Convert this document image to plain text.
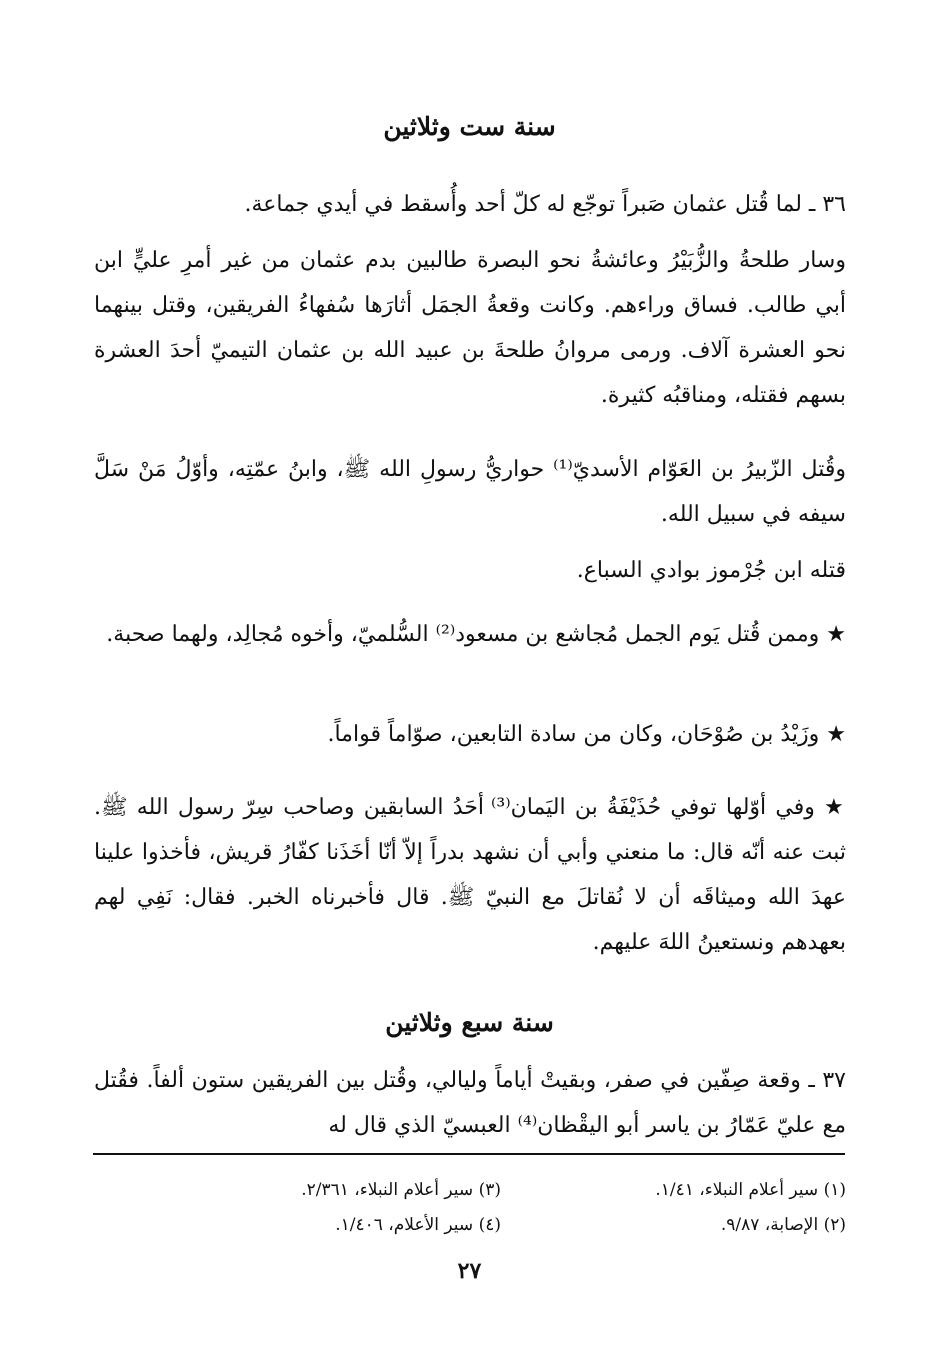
سنة ست وثلاثين

٣٦ ـ لما قُتل عثمان صَبراً توجّع له كلّ أحد وأُسقط في أيدي جماعة.

وسار طلحةُ والزُّبَيْرُ وعائشةُ نحو البصرة طالبين بدم عثمان من غير أمرِ عليٍّ ابن أبي طالب. فساق وراءهم. وكانت وقعةُ الجمَل أثارَها سُفهاءُ الفريقين، وقتل بينهما نحو العشرة آلاف. ورمى مروانُ طلحةَ بن عبيد الله بن عثمان التيميّ أحدَ العشرة بسهم فقتله، ومناقبُه كثيرة.

وقُتل الزّبيرُ بن العَوّام الأسديّ⁽¹⁾ حواريُّ رسولِ الله ﷺ، وابنُ عمّتِه، وأوّلُ مَنْ سَلَّ سيفه في سبيل الله.

قتله ابن جُرْموز بوادي السباع.

★ وممن قُتل يَوم الجمل مُجاشع بن مسعود⁽²⁾ السُّلميّ، وأخوه مُجالِد، ولهما صحبة.

★ وزَيْدُ بن صُوْحَان، وكان من سادة التابعين، صوّاماً قواماً.

★ وفي أوّلها توفي حُذَيْفَةُ بن اليَمان⁽³⁾ أحَدُ السابقين وصاحب سِرّ رسول الله ﷺ. ثبت عنه أنّه قال: ما منعني وأبي أن نشهد بدراً إلاّ أنّا أخَذَنا كفّارُ قريش، فأخذوا علينا عهدَ الله وميثاقَه أن لا نُقاتلَ مع النبيّ ﷺ. قال فأخبرناه الخبر. فقال: نَفِي لهم بعهدهم ونستعينُ اللهَ عليهم.

سنة سبع وثلاثين

٣٧ ـ وقعة صِفّين في صفر، وبقيتْ أياماً وليالي، وقُتل بين الفريقين ستون ألفاً. فقُتل مع عليّ عَمّارُ بن ياسر أبو اليقْظان⁽⁴⁾ العبسيّ الذي قال له

(١) سير أعلام النبلاء، ١/٤١.
(٢) الإصابة، ٩/٨٧.
(٣) سير أعلام النبلاء، ٢/٣٦١.
(٤) سير الأعلام، ١/٤٠٦.
٢٧
